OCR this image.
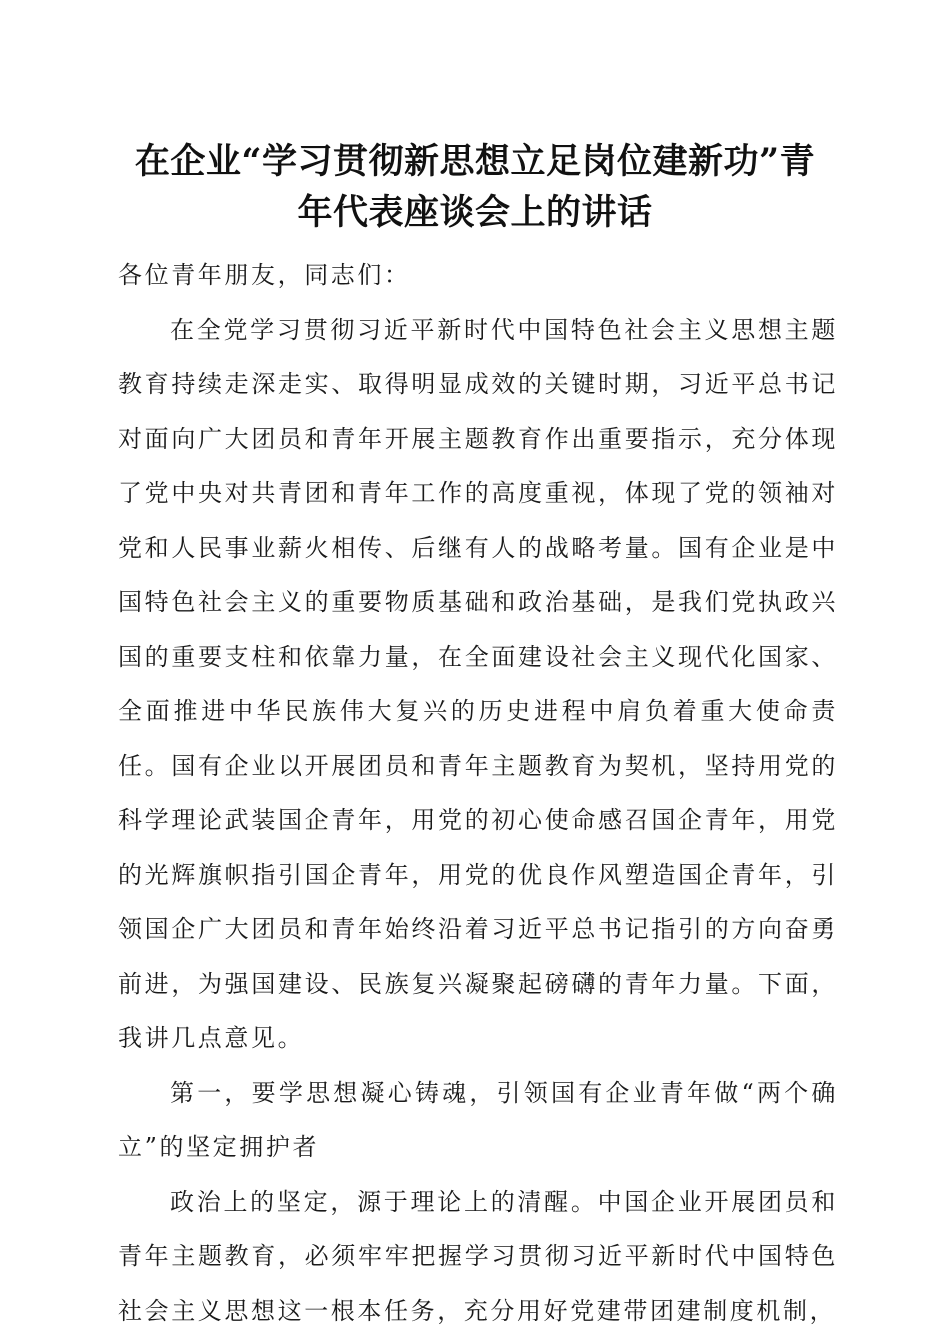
在企业“学习贯彻新思想立足岗位建新功”青
年代表座谈会上的讲话

各位青年朋友，同志们：

在全党学习贯彻习近平新时代中国特色社会主义思想主题教育持续走深走实、取得明显成效的关键时期，习近平总书记对面向广大团员和青年开展主题教育作出重要指示，充分体现了党中央对共青团和青年工作的高度重视，体现了党的领袖对党和人民事业薪火相传、后继有人的战略考量。国有企业是中国特色社会主义的重要物质基础和政治基础，是我们党执政兴国的重要支柱和依靠力量，在全面建设社会主义现代化国家、全面推进中华民族伟大复兴的历史进程中肩负着重大使命责任。国有企业以开展团员和青年主题教育为契机，坚持用党的科学理论武装国企青年，用党的初心使命感召国企青年，用党的光辉旗帜指引国企青年，用党的优良作风塑造国企青年，引领国企广大团员和青年始终沿着习近平总书记指引的方向奋勇前进，为强国建设、民族复兴凝聚起磅礴的青年力量。下面，我讲几点意见。

第一，要学思想凝心铸魂，引领国有企业青年做“两个确立”的坚定拥护者

政治上的坚定，源于理论上的清醒。中国企业开展团员和青年主题教育，必须牢牢把握学习贯彻习近平新时代中国特色社会主义思想这一根本任务，充分用好党建带团建制度机制，
